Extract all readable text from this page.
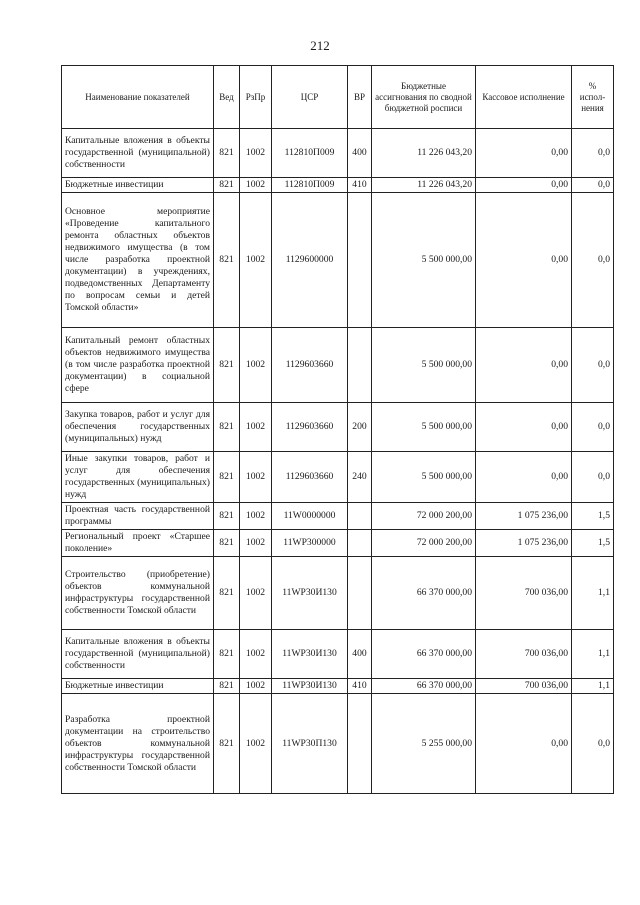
212
Наименование показателей	Вед	РзПр	ЦСР	ВР	Бюджетные ассигнования по сводной бюджетной росписи	Кассовое исполнение	% испол-нения
Капитальные вложения в объекты государственной (муниципальной) собственности	821	1002	112810П009	400	11 226 043,20	0,00	0,0
Бюджетные инвестиции	821	1002	112810П009	410	11 226 043,20	0,00	0,0
Основное мероприятие «Проведение капитального ремонта областных объектов недвижимого имущества (в том числе разработка проектной документации) в учреждениях, подведомственных Департаменту по вопросам семьи и детей Томской области»	821	1002	1129600000		5 500 000,00	0,00	0,0
Капитальный ремонт областных объектов недвижимого имущества (в том числе разработка проектной документации) в социальной сфере	821	1002	1129603660		5 500 000,00	0,00	0,0
Закупка товаров, работ и услуг для обеспечения государственных (муниципальных) нужд	821	1002	1129603660	200	5 500 000,00	0,00	0,0
Иные закупки товаров, работ и услуг для обеспечения государственных (муниципальных) нужд	821	1002	1129603660	240	5 500 000,00	0,00	0,0
Проектная часть государственной программы	821	1002	11W0000000		72 000 200,00	1 075 236,00	1,5
Региональный проект «Старшее поколение»	821	1002	11WP300000		72 000 200,00	1 075 236,00	1,5
Строительство (приобретение) объектов коммунальной инфраструктуры государственной собственности Томской области	821	1002	11WP30И130		66 370 000,00	700 036,00	1,1
Капитальные вложения в объекты государственной (муниципальной) собственности	821	1002	11WP30И130	400	66 370 000,00	700 036,00	1,1
Бюджетные инвестиции	821	1002	11WP30И130	410	66 370 000,00	700 036,00	1,1
Разработка проектной документации на строительство объектов коммунальной инфраструктуры государственной собственности Томской области	821	1002	11WP30П130		5 255 000,00	0,00	0,0
